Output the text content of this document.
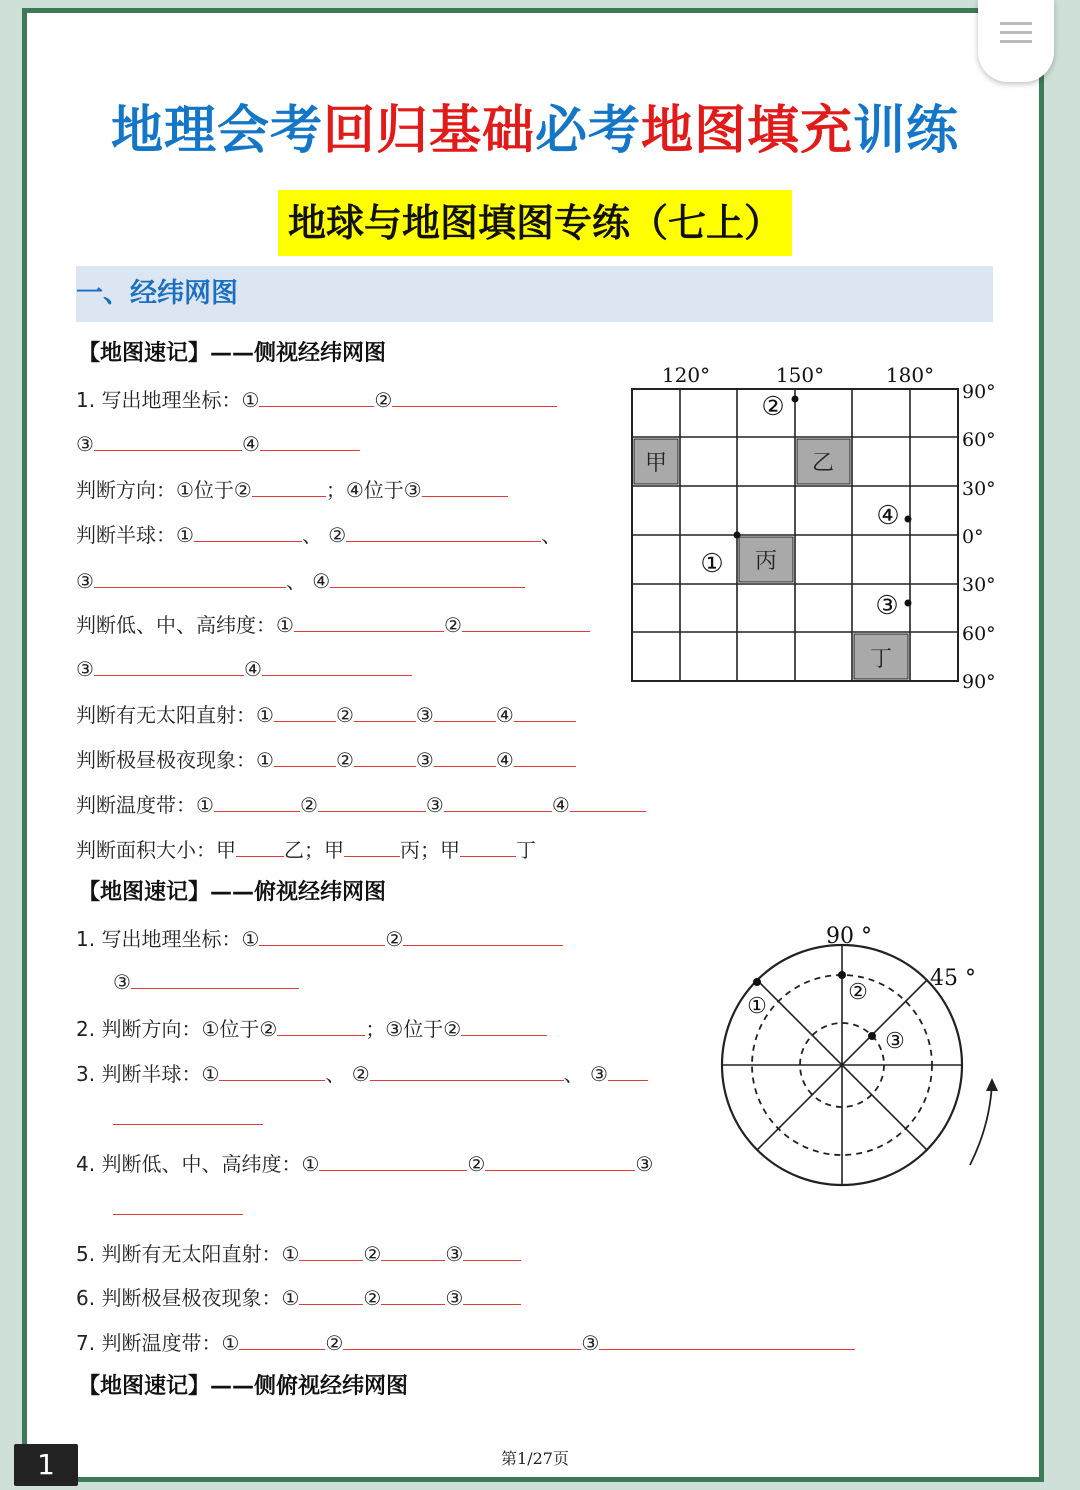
地理会考回归基础必考地图填充训练
地球与地图填图专练（七上）
一、经纬网图
【地图速记】——侧视经纬网图
1. 写出地理坐标：①	②
③	④
判断方向：①位于②	；④位于③
判断半球：①	、 ②	、
③	、 ④
判断低、中、高纬度：①	②
③	④
判断有无太阳直射：①	②	③	④
判断极昼极夜现象：①	②	③	④
判断温度带：①	②	③	④
判断面积大小：甲 乙；甲	丙；甲	丁
甲	乙
丙
丁
120°	150°	180°
90°
60°
30°
0°
30°
60°
90°
①
②
③
④
【地图速记】——俯视经纬网图
1. 写出地理坐标：①	②
③
2. 判断方向：①位于②	；③位于②
3. 判断半球：①	、 ②	、 ③
4. 判断低、中、高纬度：①	②	③
5. 判断有无太阳直射：①	②	③
6. 判断极昼极夜现象：①	②	③
7. 判断温度带：①	②	③
90 °
45 °
①
②
③
【地图速记】——侧俯视经纬网图
第1/27页
1
